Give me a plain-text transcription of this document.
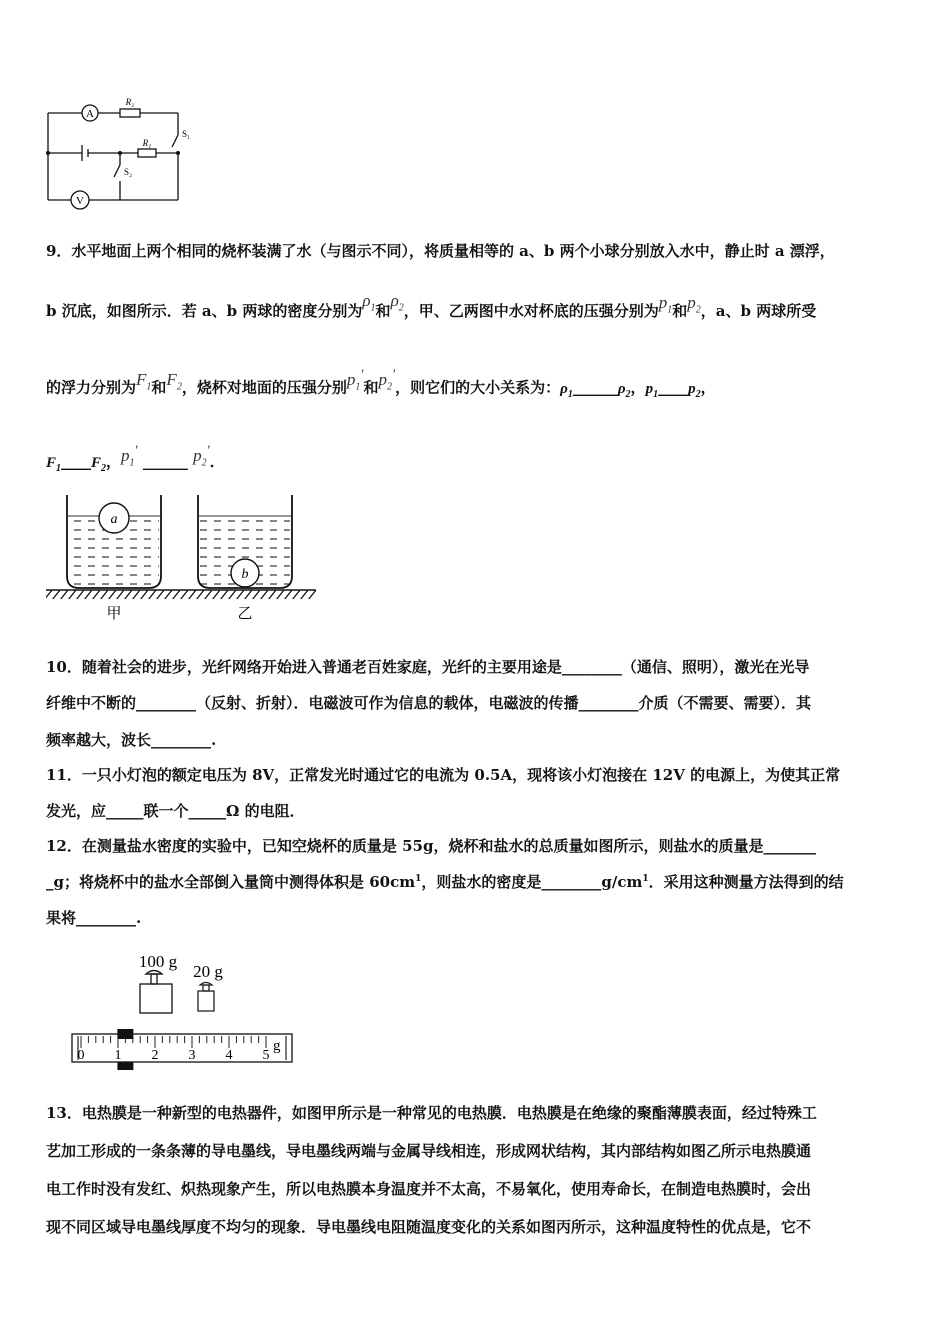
A
V
R₂
R₁
S₁
S₂
9．水平地面上两个相同的烧杯装满了水（与图示不同），将质量相等的 a、b 两个小球分别放入水中，静止时 a 漂浮，
b 沉底，如图所示．若 a、b 两球的密度分别为$\rho_1$和$\rho_2$，甲、乙两图中水对杯底的压强分别为$p_1$和$p_2$，a、b 两球所受
的浮力分别为$F_1$和$F_2$，烧杯对地面的压强分别$p_1'$和$p_2'$，则它们的大小关系为：$\rho_1\_\_\_\_\_\_\rho_2$，$p_1\_\_\_\_p_2$，
$F_1\_\_\_\_F_2$，$p_1'$ ______ $p_2'$．
a
b
甲	乙
10．随着社会的进步，光纤网络开始进入普通老百姓家庭，光纤的主要用途是________（通信、照明），激光在光导
纤维中不断的________（反射、折射）．电磁波可作为信息的载体，电磁波的传播________介质（不需要、需要）．其
频率越大，波长________.
11．一只小灯泡的额定电压为 8V，正常发光时通过它的电流为 0.5A，现将该小灯泡接在 12V 的电源上，为使其正常
发光，应_____联一个_____Ω 的电阻．
12．在测量盐水密度的实验中，已知空烧杯的质量是 55g，烧杯和盐水的总质量如图所示，则盐水的质量是_______
_g；将烧杯中的盐水全部倒入量筒中测得体积是 $60cm^1$，则盐水的密度是$\_\_\_\_\_\_\_\_g/cm^1$．采用这种测量方法得到的结
果将________.
100 g
20 g
0 1 2 3 4 5
g
13．电热膜是一种新型的电热器件，如图甲所示是一种常见的电热膜．电热膜是在绝缘的聚酯薄膜表面，经过特殊工
艺加工形成的一条条薄的导电墨线，导电墨线两端与金属导线相连，形成网状结构，其内部结构如图乙所示电热膜通
电工作时没有发红、炽热现象产生，所以电热膜本身温度并不太高，不易氧化，使用寿命长，在制造电热膜时，会出
现不同区域导电墨线厚度不均匀的现象．导电墨线电阻随温度变化的关系如图丙所示，这种温度特性的优点是，它不
